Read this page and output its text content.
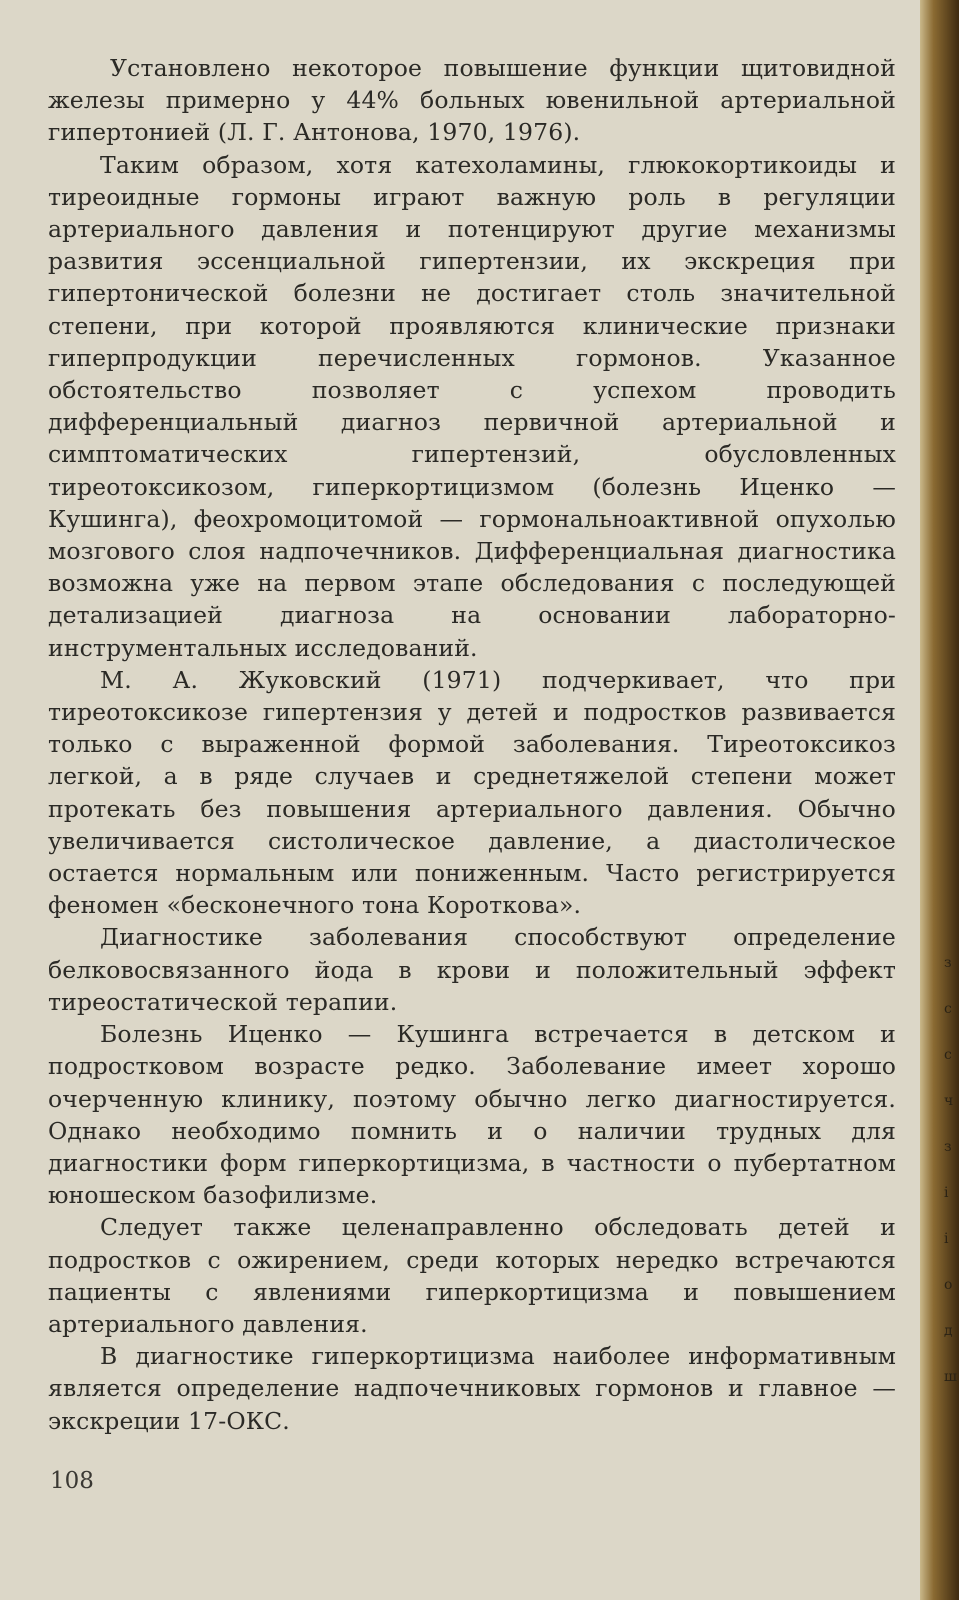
Установлено некоторое повышение функции щитовидной железы примерно у 44% больных ювенильной артериальной гипертонией (Л. Г. Антонова, 1970, 1976).

Таким образом, хотя катехоламины, глюкокортикоиды и тиреоидные гормоны играют важную роль в регуляции артериального давления и потенцируют другие механизмы развития эссенциальной гипертензии, их экскреция при гипертонической болезни не достигает столь значительной степени, при которой проявляются клинические признаки гиперпродукции перечисленных гормонов. Указанное обстоятельство позволяет с успехом проводить дифференциальный диагноз первичной артериальной и симптоматических гипертензий, обусловленных тиреотоксикозом, гиперкортицизмом (болезнь Иценко — Кушинга), феохромоцитомой — гормональноактивной опухолью мозгового слоя надпочечников. Дифференциальная диагностика возможна уже на первом этапе обследования с последующей детализацией диагноза на основании лабораторно-инструментальных исследований.

М. А. Жуковский (1971) подчеркивает, что при тиреотоксикозе гипертензия у детей и подростков развивается только с выраженной формой заболевания. Тиреотоксикоз легкой, а в ряде случаев и среднетяжелой степени может протекать без повышения артериального давления. Обычно увеличивается систолическое давление, а диастолическое остается нормальным или пониженным. Часто регистрируется феномен «бесконечного тона Короткова».

Диагностике заболевания способствуют определение белковосвязанного йода в крови и положительный эффект тиреостатической терапии.

Болезнь Иценко — Кушинга встречается в детском и подростковом возрасте редко. Заболевание имеет хорошо очерченную клинику, поэтому обычно легко диагностируется. Однако необходимо помнить и о наличии трудных для диагностики форм гиперкортицизма, в частности о пубертатном юношеском базофилизме.

Следует также целенаправленно обследовать детей и подростков с ожирением, среди которых нередко встречаются пациенты с явлениями гиперкортицизма и повышением артериального давления.

В диагностике гиперкортицизма наиболее информативным является определение надпочечниковых гормонов и главное — экскреции 17-ОКС.

108
з
с
с
ч
з
і
і
о
д
ш
